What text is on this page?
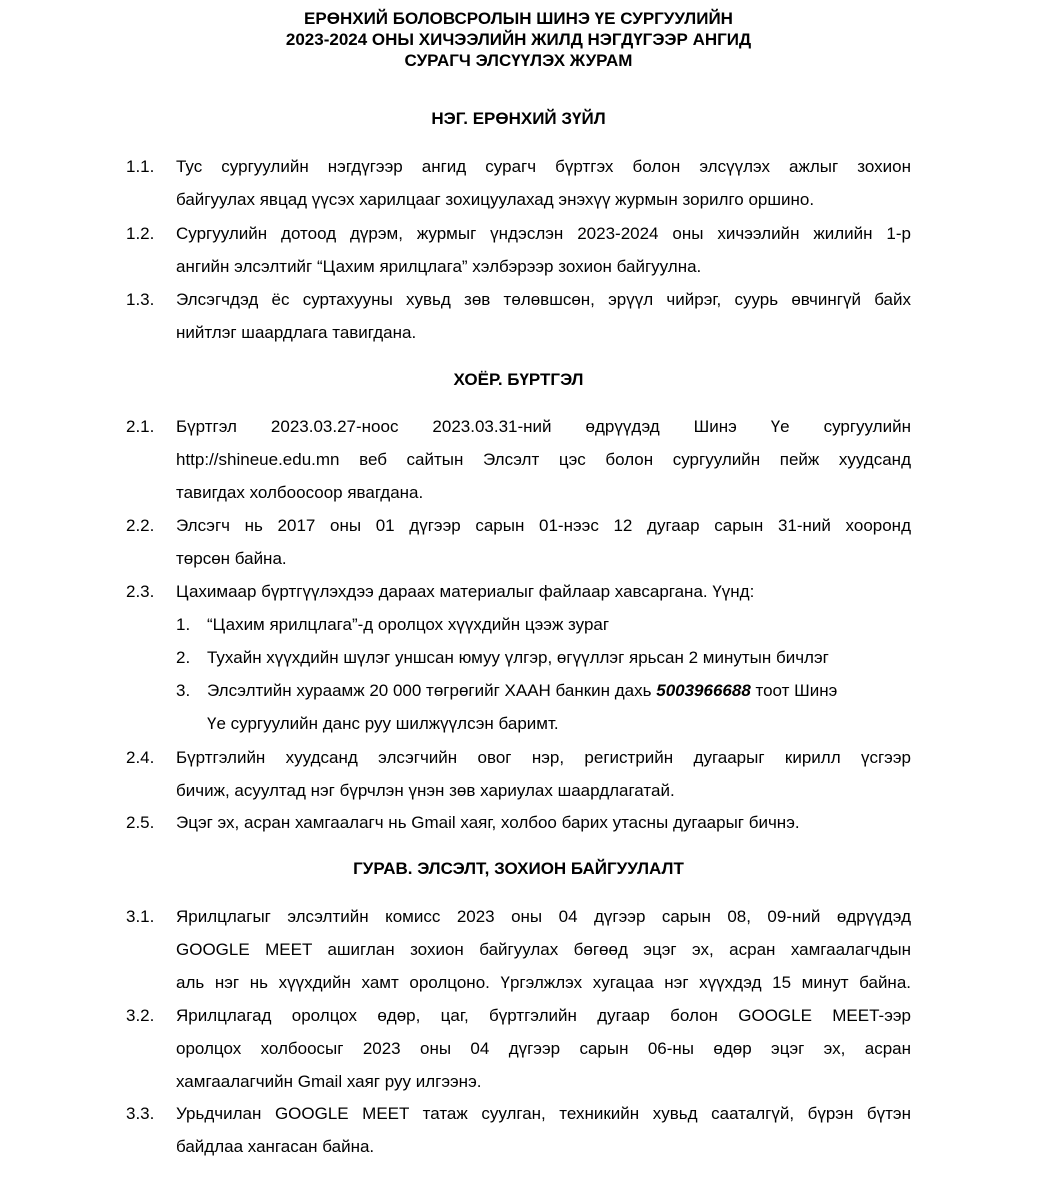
ЕРӨНХИЙ БОЛОВСРОЛЫН ШИНЭ ҮЕ СУРГУУЛИЙН
2023-2024 ОНЫ ХИЧЭЭЛИЙН ЖИЛД НЭГДҮГЭЭР АНГИД
СУРАГЧ ЭЛСҮҮЛЭХ ЖУРАМ
НЭГ. ЕРӨНХИЙ ЗҮЙЛ
1.1. Тус сургуулийн нэгдүгээр ангид сурагч бүртгэх болон элсүүлэх ажлыг зохион
байгуулах явцад үүсэх харилцааг зохицуулахад энэхүү журмын зорилго оршино.
1.2. Сургуулийн дотоод дүрэм, журмыг үндэслэн 2023-2024 оны хичээлийн жилийн 1-р
ангийн элсэлтийг “Цахим ярилцлага” хэлбэрээр зохион байгуулна.
1.3. Элсэгчдэд ёс суртахууны хувьд зөв төлөвшсөн, эрүүл чийрэг, суурь өвчингүй байх
нийтлэг шаардлага тавигдана.
ХОЁР. БҮРТГЭЛ
2.1. Бүртгэл 2023.03.27-ноос 2023.03.31-ний өдрүүдэд Шинэ Үе сургуулийн
http://shineue.edu.mn веб сайтын Элсэлт цэс болон сургуулийн пейж хуудсанд
тавигдах холбоосоор явагдана.
2.2. Элсэгч нь 2017 оны 01 дүгээр сарын 01-нээс 12 дугаар сарын 31-ний хооронд
төрсөн байна.
2.3. Цахимаар бүртгүүлэхдээ дараах материалыг файлаар хавсаргана. Үүнд:
1. “Цахим ярилцлага”-д оролцох хүүхдийн цээж зураг
2. Тухайн хүүхдийн шүлэг уншсан юмуу үлгэр, өгүүллэг ярьсан 2 минутын бичлэг
3. Элсэлтийн хураамж 20 000 төгрөгийг ХААН банкин дахь 5003966688 тоот Шинэ
Үе сургуулийн данс руу шилжүүлсэн баримт.
2.4. Бүртгэлийн хуудсанд элсэгчийн овог нэр, регистрийн дугаарыг кирилл үсгээр
бичиж, асуултад нэг бүрчлэн үнэн зөв хариулах шаардлагатай.
2.5. Эцэг эх, асран хамгаалагч нь Gmail хаяг, холбоо барих утасны дугаарыг бичнэ.
ГУРАВ. ЭЛСЭЛТ, ЗОХИОН БАЙГУУЛАЛТ
3.1. Ярилцлагыг элсэлтийн комисс 2023 оны 04 дүгээр сарын 08, 09-ний өдрүүдэд
GOOGLE MEET ашиглан зохион байгуулах бөгөөд эцэг эх, асран хамгаалагчдын
аль нэг нь хүүхдийн хамт оролцоно. Үргэлжлэх хугацаа нэг хүүхдэд 15 минут байна.
3.2. Ярилцлагад оролцох өдөр, цаг, бүртгэлийн дугаар болон GOOGLE MEET-ээр
оролцох холбоосыг 2023 оны 04 дүгээр сарын 06-ны өдөр эцэг эх, асран
хамгаалагчийн Gmail хаяг руу илгээнэ.
3.3. Урьдчилан GOOGLE MEET татаж суулган, техникийн хувьд сааталгүй, бүрэн бүтэн
байдлаа хангасан байна.
